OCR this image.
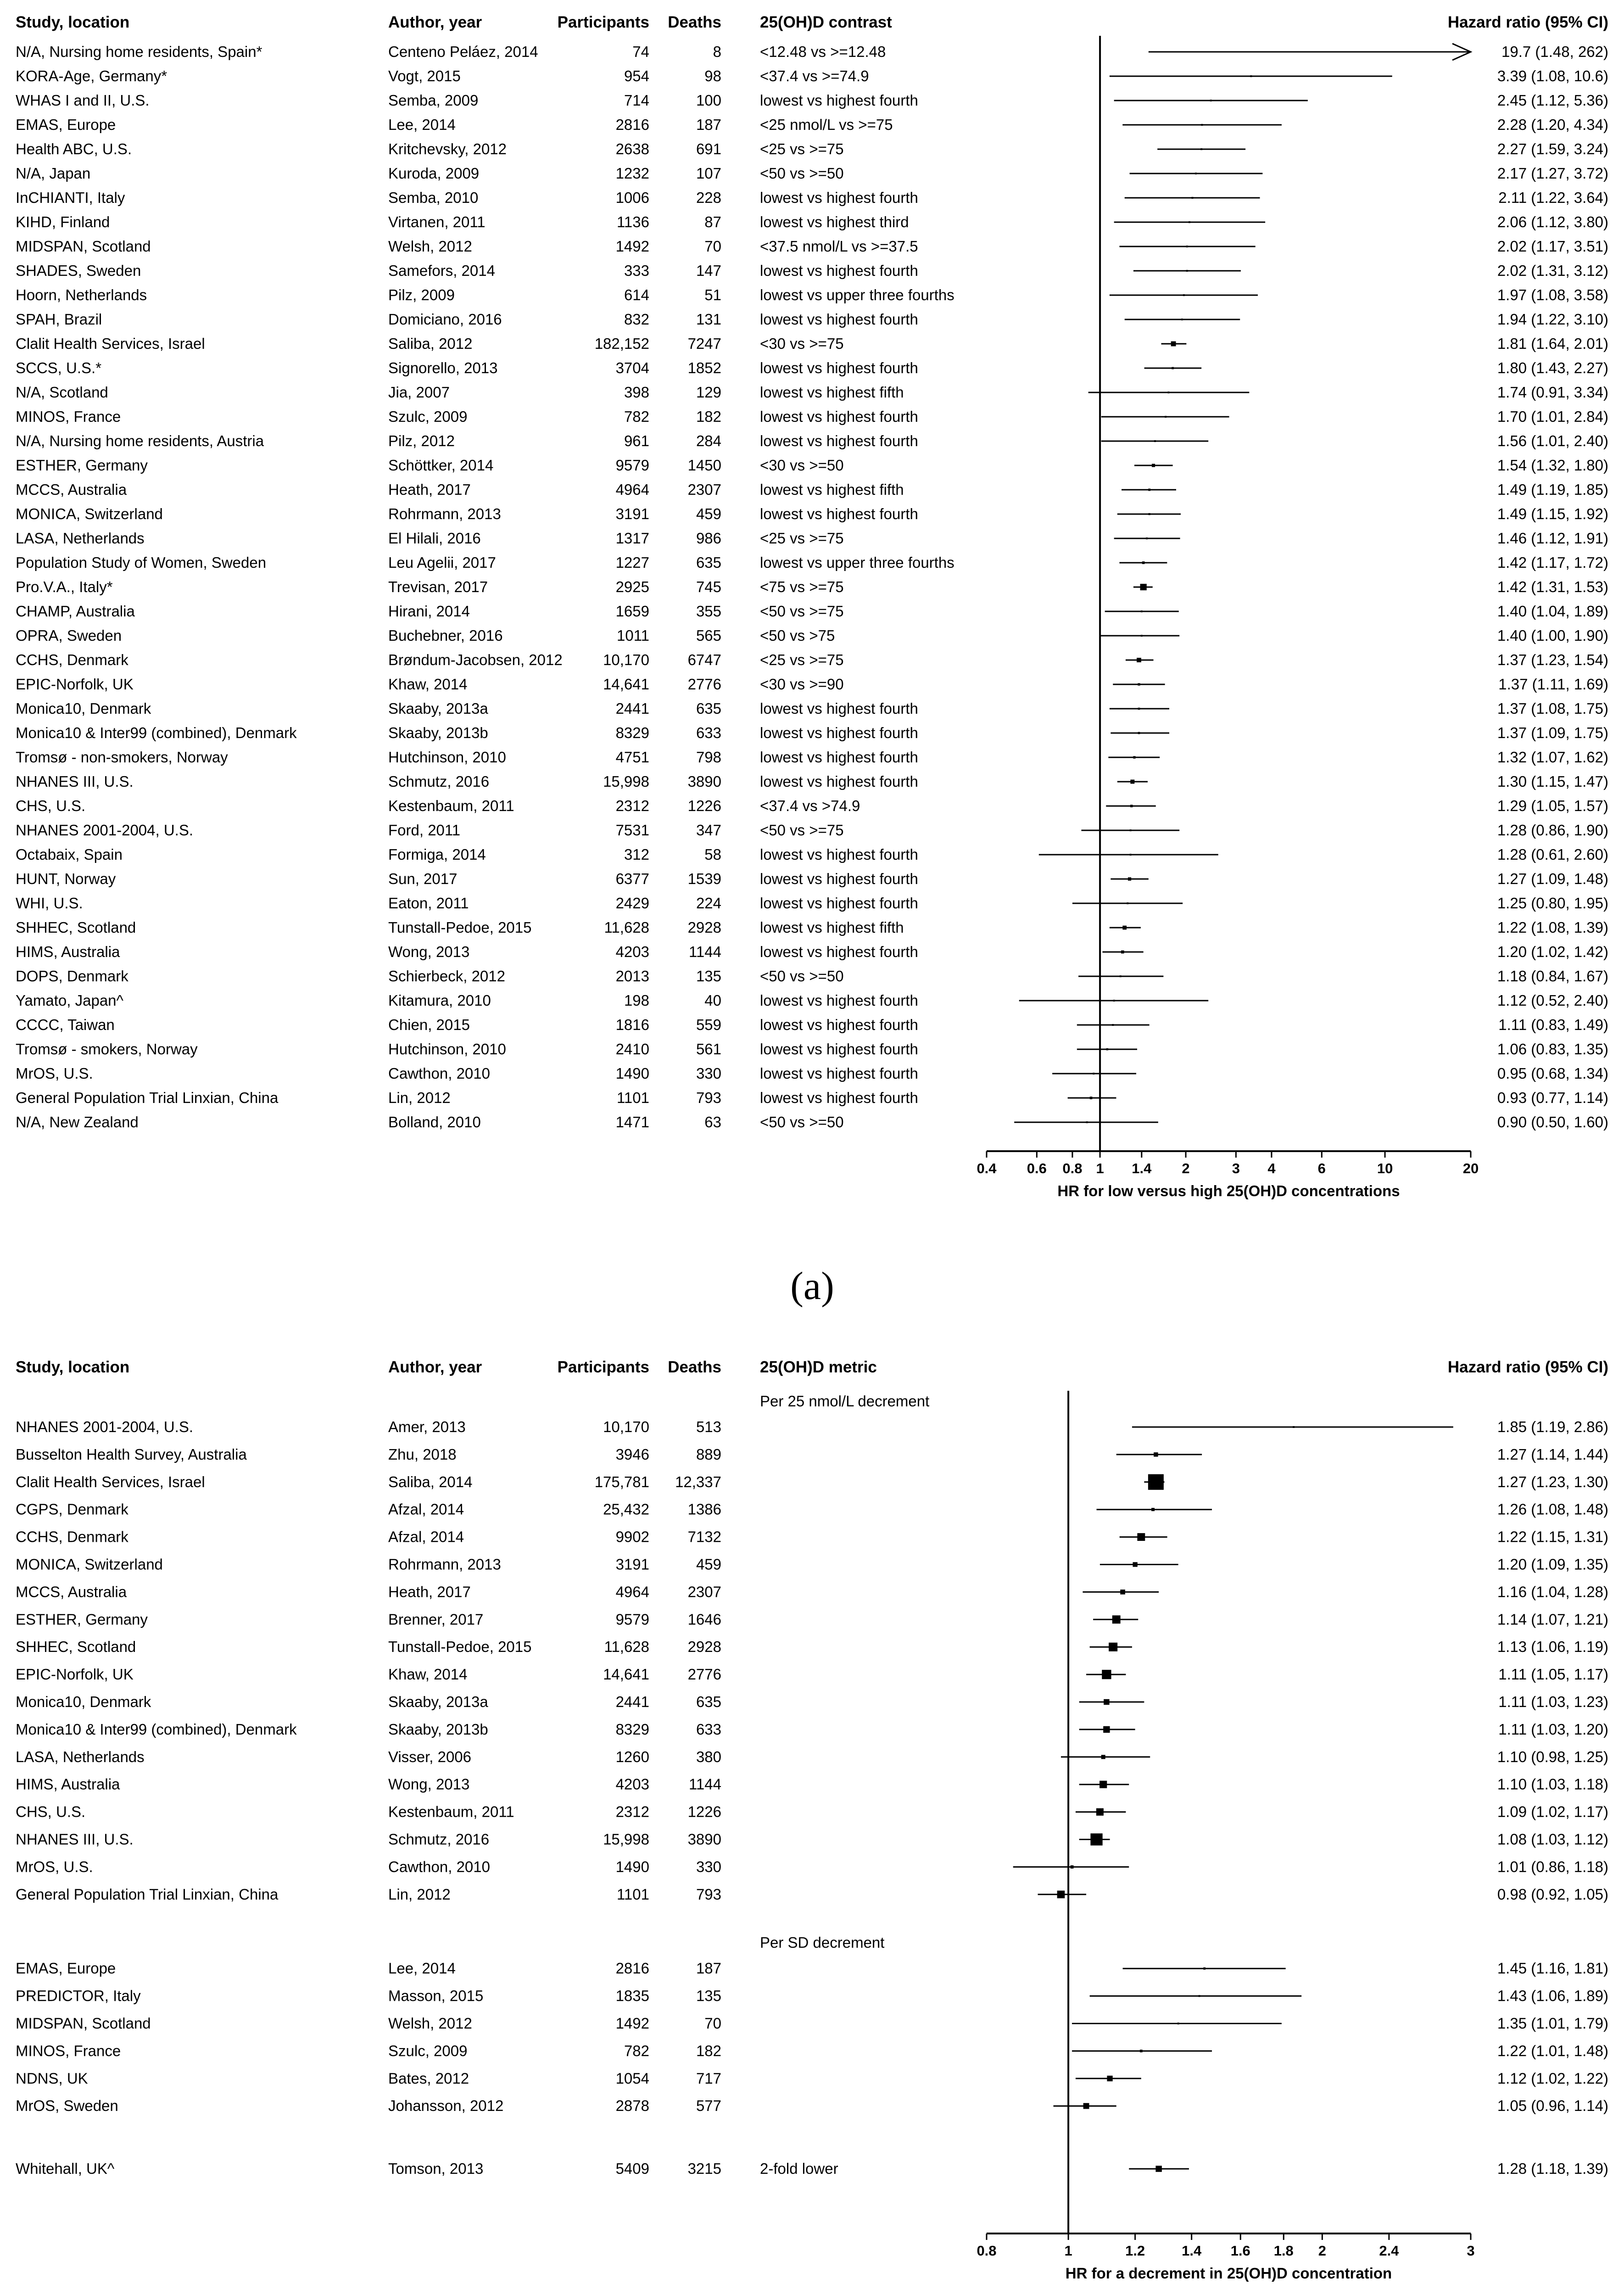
Study, location	Author, year	Participants Deaths 25(OH)D contrast	Hazard ratio (95% CI)
N/A, Nursing home residents, Spain*	Centeno Peláez, 2014	74	8	<12.48 vs >=12.48	19.7 (1.48, 262)
KORA-Age, Germany*	Vogt, 2015	954	98	<37.4 vs >=74.9	3.39 (1.08, 10.6)
WHAS I and II, U.S.	Semba, 2009	714	100	lowest vs highest fourth	2.45 (1.12, 5.36)
EMAS, Europe	Lee, 2014	2816	187	<25 nmol/L vs >=75	2.28 (1.20, 4.34)
Health ABC, U.S.	Kritchevsky, 2012	2638	691	<25 vs >=75	2.27 (1.59, 3.24)
N/A, Japan	Kuroda, 2009	1232	107	<50 vs >=50	2.17 (1.27, 3.72)
InCHIANTI, Italy	Semba, 2010	1006	228	lowest vs highest fourth	2.11 (1.22, 3.64)
KIHD, Finland	Virtanen, 2011	1136	87	lowest vs highest third	2.06 (1.12, 3.80)
MIDSPAN, Scotland	Welsh, 2012	1492	70	<37.5 nmol/L vs >=37.5	2.02 (1.17, 3.51)
SHADES, Sweden	Samefors, 2014	333	147	lowest vs highest fourth	2.02 (1.31, 3.12)
Hoorn, Netherlands	Pilz, 2009	614	51	lowest vs upper three fourths	1.97 (1.08, 3.58)
SPAH, Brazil	Domiciano, 2016	832	131	lowest vs highest fourth	1.94 (1.22, 3.10)
Clalit Health Services, Israel	Saliba, 2012	182,152	7247	<30 vs >=75	1.81 (1.64, 2.01)
SCCS, U.S.*	Signorello, 2013	3704	1852	lowest vs highest fourth	1.80 (1.43, 2.27)
N/A, Scotland	Jia, 2007	398	129	lowest vs highest fifth	1.74 (0.91, 3.34)
MINOS, France	Szulc, 2009	782	182	lowest vs highest fourth	1.70 (1.01, 2.84)
N/A, Nursing home residents, Austria	Pilz, 2012	961	284	lowest vs highest fourth	1.56 (1.01, 2.40)
ESTHER, Germany	Schöttker, 2014	9579	1450	<30 vs >=50	1.54 (1.32, 1.80)
MCCS, Australia	Heath, 2017	4964	2307	lowest vs highest fifth	1.49 (1.19, 1.85)
MONICA, Switzerland	Rohrmann, 2013	3191	459	lowest vs highest fourth	1.49 (1.15, 1.92)
LASA, Netherlands	El Hilali, 2016	1317	986	<25 vs >=75	1.46 (1.12, 1.91)
Population Study of Women, Sweden	Leu Agelii, 2017	1227	635	lowest vs upper three fourths	1.42 (1.17, 1.72)
Pro.V.A., Italy*	Trevisan, 2017	2925	745	<75 vs >=75	1.42 (1.31, 1.53)
CHAMP, Australia	Hirani, 2014	1659	355	<50 vs >=75	1.40 (1.04, 1.89)
OPRA, Sweden	Buchebner, 2016	1011	565	<50 vs >75	1.40 (1.00, 1.90)
CCHS, Denmark	Brøndum-Jacobsen, 2012	10,170	6747	<25 vs >=75	1.37 (1.23, 1.54)
EPIC-Norfolk, UK	Khaw, 2014	14,641	2776	<30 vs >=90	1.37 (1.11, 1.69)
Monica10, Denmark	Skaaby, 2013a	2441	635	lowest vs highest fourth	1.37 (1.08, 1.75)
Monica10 & Inter99 (combined), Denmark	Skaaby, 2013b	8329	633	lowest vs highest fourth	1.37 (1.09, 1.75)
Tromsø - non-smokers, Norway	Hutchinson, 2010	4751	798	lowest vs highest fourth	1.32 (1.07, 1.62)
NHANES III, U.S.	Schmutz, 2016	15,998	3890	lowest vs highest fourth	1.30 (1.15, 1.47)
CHS, U.S.	Kestenbaum, 2011	2312	1226	<37.4 vs >74.9	1.29 (1.05, 1.57)
NHANES 2001-2004, U.S.	Ford, 2011	7531	347	<50 vs >=75	1.28 (0.86, 1.90)
Octabaix, Spain	Formiga, 2014	312	58	lowest vs highest fourth	1.28 (0.61, 2.60)
HUNT, Norway	Sun, 2017	6377	1539	lowest vs highest fourth	1.27 (1.09, 1.48)
WHI, U.S.	Eaton, 2011	2429	224	lowest vs highest fourth	1.25 (0.80, 1.95)
SHHEC, Scotland	Tunstall-Pedoe, 2015	11,628	2928	lowest vs highest fifth	1.22 (1.08, 1.39)
HIMS, Australia	Wong, 2013	4203	1144	lowest vs highest fourth	1.20 (1.02, 1.42)
DOPS, Denmark	Schierbeck, 2012	2013	135	<50 vs >=50	1.18 (0.84, 1.67)
Yamato, Japan^	Kitamura, 2010	198	40	lowest vs highest fourth	1.12 (0.52, 2.40)
CCCC, Taiwan	Chien, 2015	1816	559	lowest vs highest fourth	1.11 (0.83, 1.49)
Tromsø - smokers, Norway	Hutchinson, 2010	2410	561	lowest vs highest fourth	1.06 (0.83, 1.35)
MrOS, U.S.	Cawthon, 2010	1490	330	lowest vs highest fourth	0.95 (0.68, 1.34)
General Population Trial Linxian, China	Lin, 2012	1101	793	lowest vs highest fourth	0.93 (0.77, 1.14)
N/A, New Zealand	Bolland, 2010	1471	63	<50 vs >=50	0.90 (0.50, 1.60)
0.4 0.6 0.8 1 1.4 2	3 4	6	10	20
HR for low versus high 25(OH)D concentrations
(a)
Study, location	Author, year	Participants Deaths 25(OH)D metric	Hazard ratio (95% CI)
Per 25 nmol/L decrement
Per SD decrement
NHANES 2001-2004, U.S.	Amer, 2013	10,170	513	1.85 (1.19, 2.86)
Busselton Health Survey, Australia	Zhu, 2018	3946	889	1.27 (1.14, 1.44)
Clalit Health Services, Israel	Saliba, 2014	175,781 12,337	1.27 (1.23, 1.30)
CGPS, Denmark	Afzal, 2014	25,432	1386	1.26 (1.08, 1.48)
CCHS, Denmark	Afzal, 2014	9902	7132	1.22 (1.15, 1.31)
MONICA, Switzerland	Rohrmann, 2013	3191	459	1.20 (1.09, 1.35)
MCCS, Australia	Heath, 2017	4964	2307	1.16 (1.04, 1.28)
ESTHER, Germany	Brenner, 2017	9579	1646	1.14 (1.07, 1.21)
SHHEC, Scotland	Tunstall-Pedoe, 2015	11,628	2928	1.13 (1.06, 1.19)
EPIC-Norfolk, UK	Khaw, 2014	14,641	2776	1.11 (1.05, 1.17)
Monica10, Denmark	Skaaby, 2013a	2441	635	1.11 (1.03, 1.23)
Monica10 & Inter99 (combined), Denmark	Skaaby, 2013b	8329	633	1.11 (1.03, 1.20)
LASA, Netherlands	Visser, 2006	1260	380	1.10 (0.98, 1.25)
HIMS, Australia	Wong, 2013	4203	1144	1.10 (1.03, 1.18)
CHS, U.S.	Kestenbaum, 2011	2312	1226	1.09 (1.02, 1.17)
NHANES III, U.S.	Schmutz, 2016	15,998	3890	1.08 (1.03, 1.12)
MrOS, U.S.	Cawthon, 2010	1490	330	1.01 (0.86, 1.18)
General Population Trial Linxian, China	Lin, 2012	1101	793	0.98 (0.92, 1.05)
EMAS, Europe	Lee, 2014	2816	187	1.45 (1.16, 1.81)
PREDICTOR, Italy	Masson, 2015	1835	135	1.43 (1.06, 1.89)
MIDSPAN, Scotland	Welsh, 2012	1492	70	1.35 (1.01, 1.79)
MINOS, France	Szulc, 2009	782	182	1.22 (1.01, 1.48)
NDNS, UK	Bates, 2012	1054	717	1.12 (1.02, 1.22)
MrOS, Sweden	Johansson, 2012	2878	577	1.05 (0.96, 1.14)
Whitehall, UK^	Tomson, 2013	5409	3215	2-fold lower	1.28 (1.18, 1.39)
0.8	1	1.2	1.4 1.6 1.8 2	2.4	3
HR for a decrement in 25(OH)D concentration
